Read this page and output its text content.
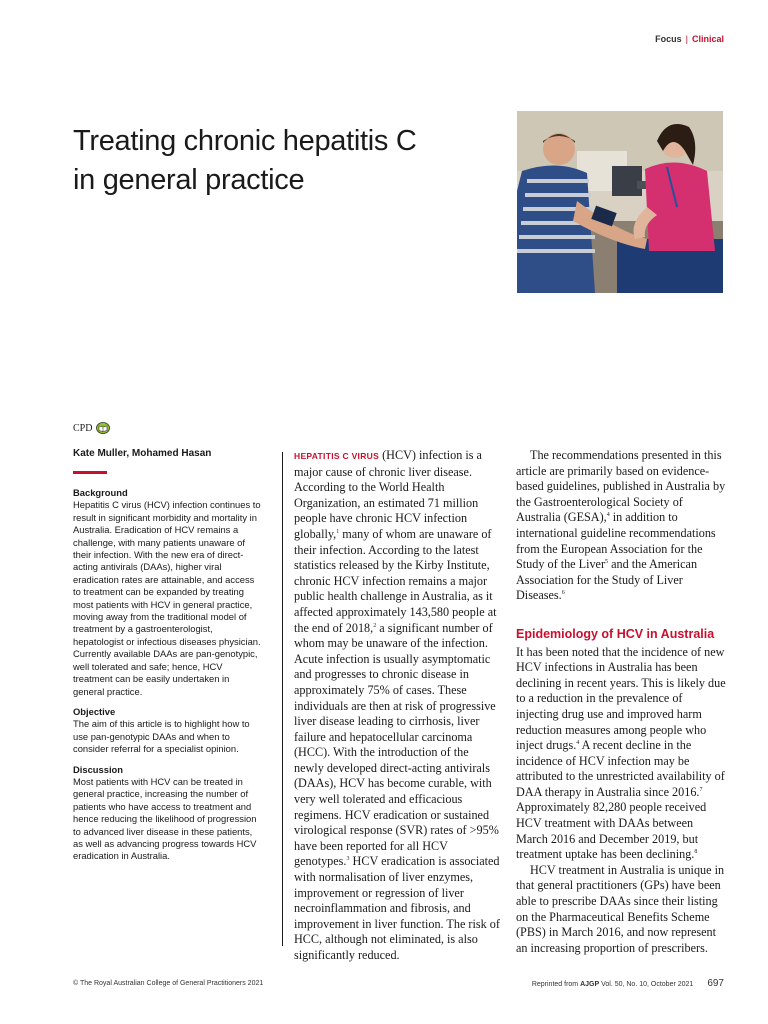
Focus | Clinical
Treating chronic hepatitis C
in general practice
CPD
Kate Muller, Mohamed Hasan
Background

Hepatitis C virus (HCV) infection continues to result in significant morbidity and mortality in Australia. Eradication of HCV remains a challenge, with many patients unaware of their infection. With the new era of direct-acting antivirals (DAAs), higher viral eradication rates are attainable, and access to treatment can be expanded by treating most patients with HCV in general practice, moving away from the traditional model of treatment by a gastroenterologist, hepatologist or infectious diseases physician. Currently available DAAs are pan-genotypic, well tolerated and safe; hence, HCV treatment can be easily undertaken in general practice.

Objective

The aim of this article is to highlight how to use pan-genotypic DAAs and when to consider referral for a specialist opinion.

Discussion

Most patients with HCV can be treated in general practice, increasing the number of patients who have access to treatment and hence reducing the likelihood of progression to advanced liver disease in these patients, as well as advancing progress towards HCV eradication in Australia.

HEPATITIS C VIRUS (HCV) infection is a major cause of chronic liver disease. According to the World Health Organization, an estimated 71 million people have chronic HCV infection globally,$^1$ many of whom are unaware of their infection. According to the latest statistics released by the Kirby Institute, chronic HCV infection remains a major public health challenge in Australia, as it affected approximately 143,580 people at the end of 2018,$^2$ a significant number of whom may be unaware of the infection. Acute infection is usually asymptomatic and progresses to chronic disease in approximately 75% of cases. These individuals are then at risk of progressive liver disease leading to cirrhosis, liver failure and hepatocellular carcinoma (HCC). With the introduction of the newly developed direct-acting antivirals (DAAs), HCV has become curable, with very well tolerated and efficacious regimens. HCV eradication or sustained virological response (SVR) rates of >95% have been reported for all HCV genotypes.$^3$ HCV eradication is associated with normalisation of liver enzymes, improvement or regression of liver necroinflammation and fibrosis, and improvement in liver function. The risk of HCC, although not eliminated, is also significantly reduced.

The recommendations presented in this article are primarily based on evidence-based guidelines, published in Australia by the Gastroenterological Society of Australia (GESA),$^4$ in addition to international guideline recommendations from the European Association for the Study of the Liver$^5$ and the American Association for the Study of Liver Diseases.$^6$

Epidemiology of HCV in Australia

It has been noted that the incidence of new HCV infections in Australia has been declining in recent years. This is likely due to a reduction in the prevalence of injecting drug use and improved harm reduction measures among people who inject drugs.$^4$ A recent decline in the incidence of HCV infection may be attributed to the unrestricted availability of DAA therapy in Australia since 2016.$^7$ Approximately 82,280 people received HCV treatment with DAAs between March 2016 and December 2019, but treatment uptake has been declining.$^8$

HCV treatment in Australia is unique in that general practitioners (GPs) have been able to prescribe DAAs since their listing on the Pharmaceutical Benefits Scheme (PBS) in March 2016, and now represent an increasing proportion of prescribers.

© The Royal Australian College of General Practitioners 2021	Reprinted from AJGP Vol. 50, No. 10, October 2021 697
